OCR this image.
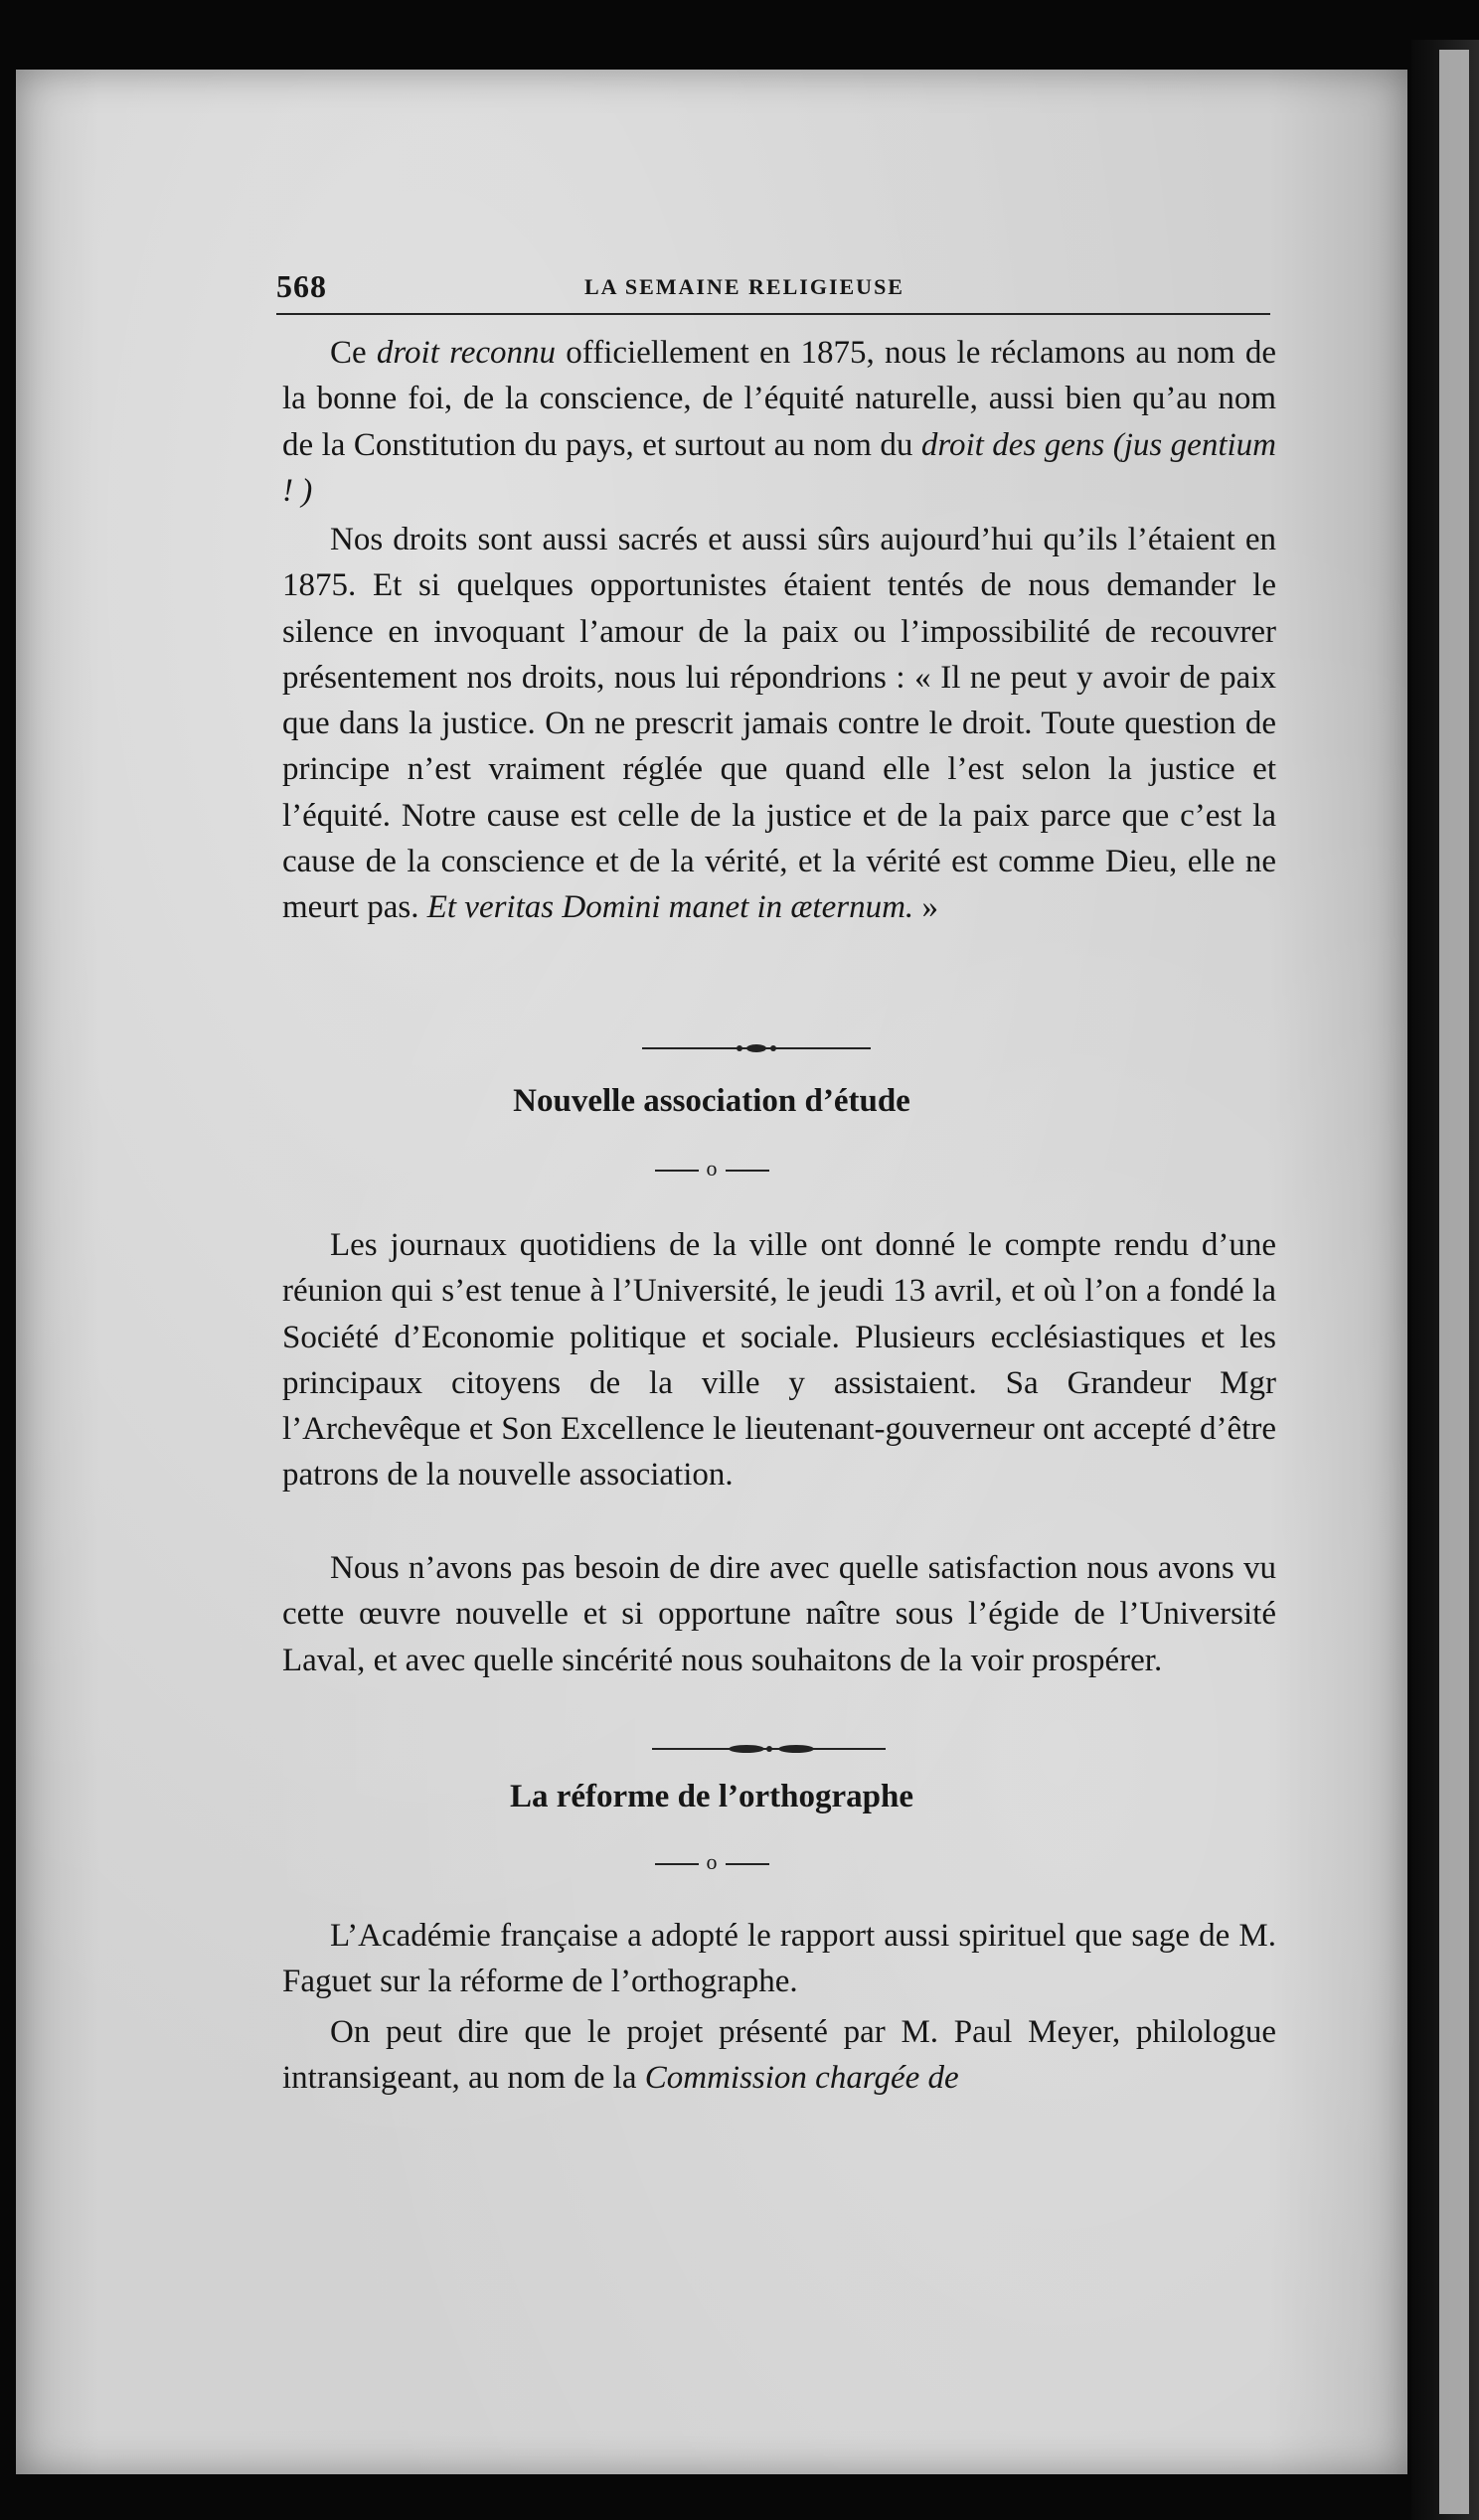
568	LA SEMAINE RELIGIEUSE

Ce droit reconnu officiellement en 1875, nous le réclamons au nom de la bonne foi, de la conscience, de l’équité naturelle, aussi bien qu’au nom de la Constitution du pays, et surtout au nom du droit des gens (jus gentium ! )

Nos droits sont aussi sacrés et aussi sûrs aujourd’hui qu’ils l’étaient en 1875. Et si quelques opportunistes étaient tentés de nous demander le silence en invoquant l’amour de la paix ou l’impossibilité de recouvrer présentement nos droits, nous lui répondrions : « Il ne peut y avoir de paix que dans la justice. On ne prescrit jamais contre le droit. Toute question de principe n’est vraiment réglée que quand elle l’est selon la justice et l’équité. Notre cause est celle de la justice et de la paix parce que c’est la cause de la conscience et de la vérité, et la vérité est comme Dieu, elle ne meurt pas. Et veritas Domini manet in æternum. »

Nouvelle association d’étude
o

Les journaux quotidiens de la ville ont donné le compte rendu d’une réunion qui s’est tenue à l’Université, le jeudi 13 avril, et où l’on a fondé la Société d’Economie politique et sociale. Plusieurs ecclésiastiques et les principaux citoyens de la ville y assistaient. Sa Grandeur Mgr l’Archevêque et Son Excellence le lieutenant-gouverneur ont accepté d’être patrons de la nouvelle association.

Nous n’avons pas besoin de dire avec quelle satisfaction nous avons vu cette œuvre nouvelle et si opportune naître sous l’égide de l’Université Laval, et avec quelle sincérité nous souhaitons de la voir prospérer.

La réforme de l’orthographe
o

L’Académie française a adopté le rapport aussi spirituel que sage de M. Faguet sur la réforme de l’orthographe.

On peut dire que le projet présenté par M. Paul Meyer, philologue intransigeant, au nom de la Commission chargée de
